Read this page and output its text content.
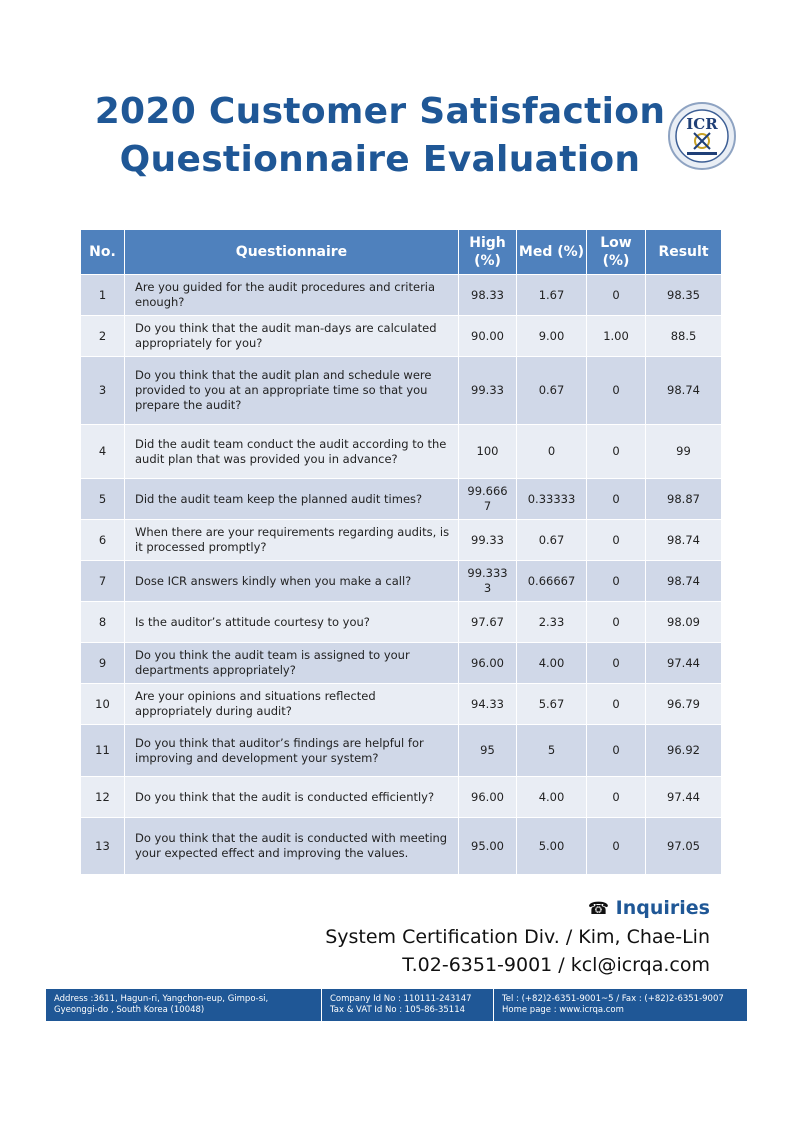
2020 Customer Satisfaction
Questionnaire Evaluation
ICR
No.	Questionnaire	High (%)	Med (%)	Low (%)	Result
1	Are you guided for the audit procedures and criteria enough?	98.33	1.67	0	98.35
2	Do you think that the audit man-days are calculated appropriately for you?	90.00	9.00	1.00	88.5
3	Do you think that the audit plan and schedule were provided to you at an appropriate time so that you prepare the audit?	99.33	0.67	0	98.74
4	Did the audit team conduct the audit according to the audit plan that was provided you in advance?	100	0	0	99
5	Did the audit team keep the planned audit times?	99.6667	0.33333	0	98.87
6	When there are your requirements regarding audits, is it processed promptly?	99.33	0.67	0	98.74
7	Dose ICR answers kindly when you make a call?	99.3333	0.66667	0	98.74
8	Is the auditor’s attitude courtesy to you?	97.67	2.33	0	98.09
9	Do you think the audit team is assigned to your departments appropriately?	96.00	4.00	0	97.44
10	Are your opinions and situations reflected appropriately during audit?	94.33	5.67	0	96.79
11	Do you think that auditor’s findings are helpful for improving and development your system?	95	5	0	96.92
12	Do you think that the audit is conducted efficiently?	96.00	4.00	0	97.44
13	Do you think that the audit is conducted with meeting your expected effect and improving the values.	95.00	5.00	0	97.05
☎ Inquiries
System Certification Div. / Kim, Chae-Lin
T.02-6351-9001 / kcl@icrqa.com
Address :3611, Hagun-ri, Yangchon-eup, Gimpo-si,
Gyeonggi-do , South Korea (10048)
Company Id No : 110111-243147
Tax & VAT Id No : 105-86-35114
Tel : (+82)2-6351-9001~5 / Fax : (+82)2-6351-9007
Home page : www.icrqa.com
